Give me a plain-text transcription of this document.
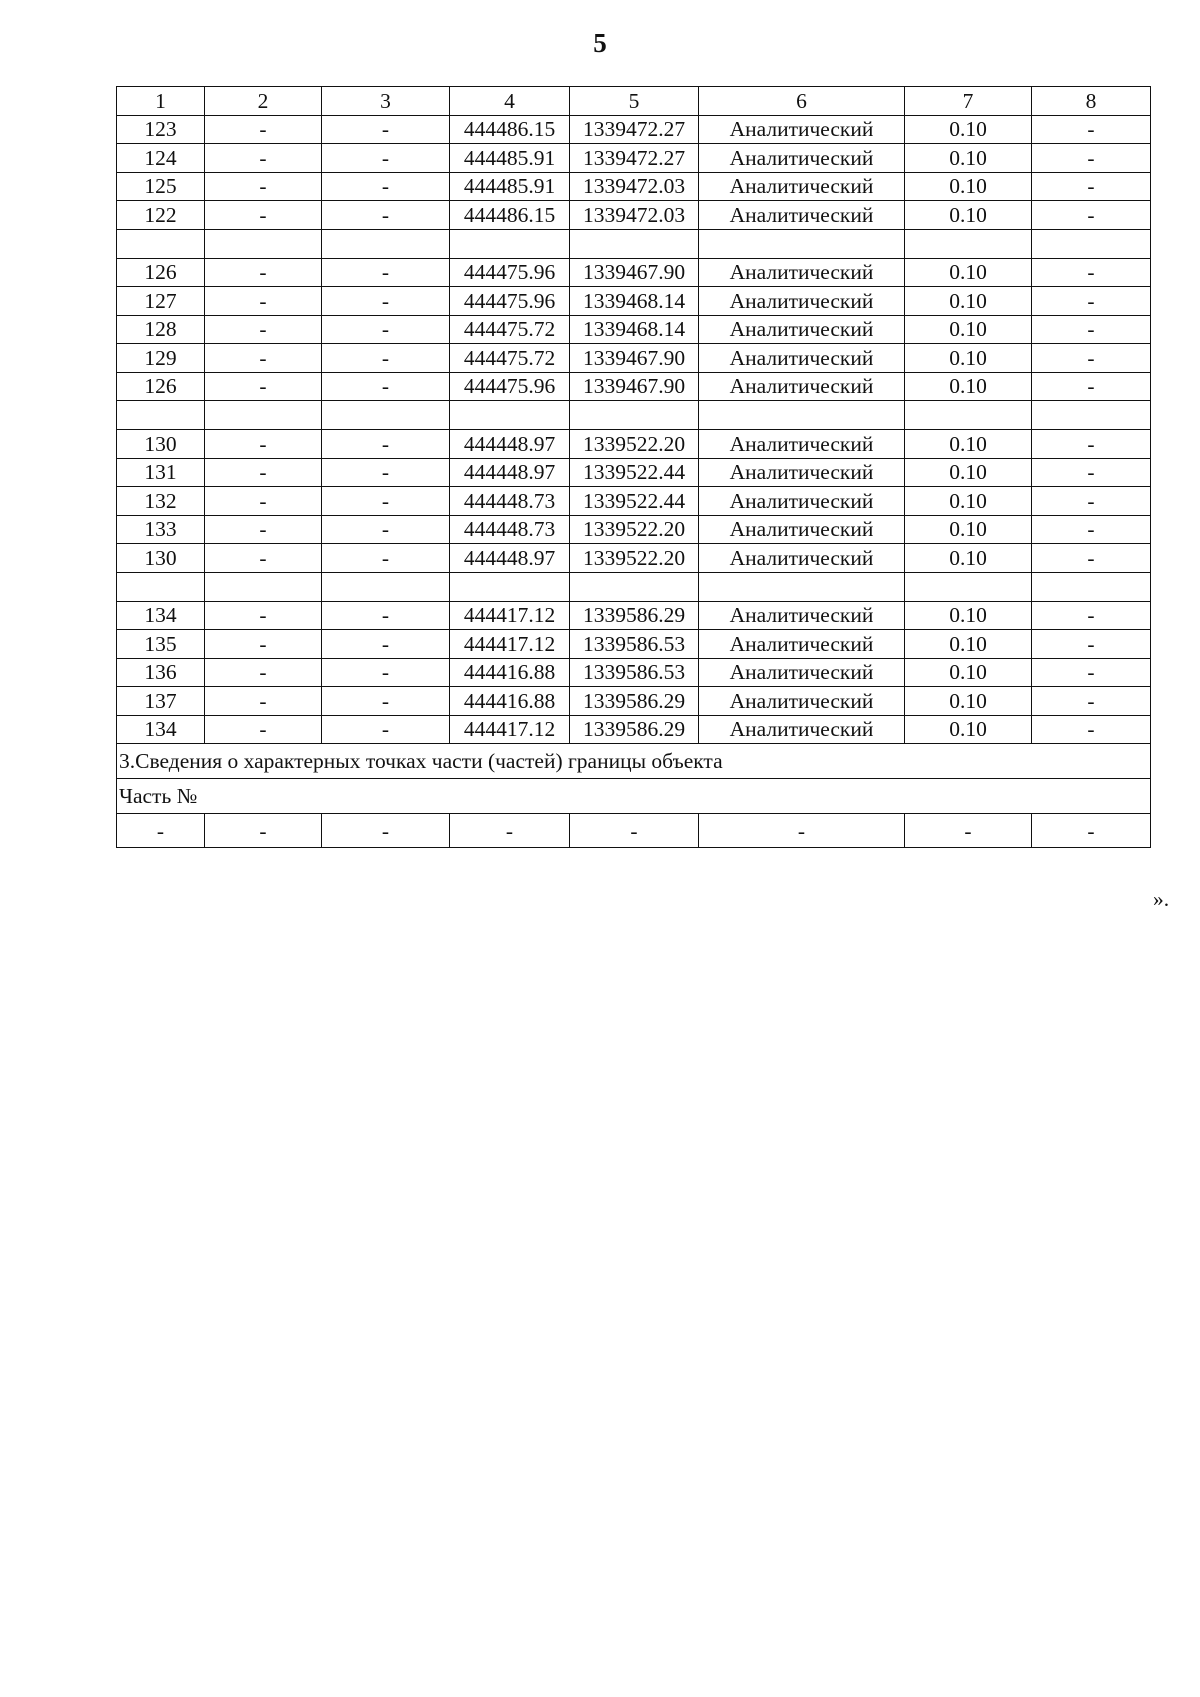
5
1	2	3	4	5	6	7	8
123	-	-	444486.15	1339472.27	Аналитический	0.10	-
124	-	-	444485.91	1339472.27	Аналитический	0.10	-
125	-	-	444485.91	1339472.03	Аналитический	0.10	-
122	-	-	444486.15	1339472.03	Аналитический	0.10	-

126	-	-	444475.96	1339467.90	Аналитический	0.10	-
127	-	-	444475.96	1339468.14	Аналитический	0.10	-
128	-	-	444475.72	1339468.14	Аналитический	0.10	-
129	-	-	444475.72	1339467.90	Аналитический	0.10	-
126	-	-	444475.96	1339467.90	Аналитический	0.10	-

130	-	-	444448.97	1339522.20	Аналитический	0.10	-
131	-	-	444448.97	1339522.44	Аналитический	0.10	-
132	-	-	444448.73	1339522.44	Аналитический	0.10	-
133	-	-	444448.73	1339522.20	Аналитический	0.10	-
130	-	-	444448.97	1339522.20	Аналитический	0.10	-

134	-	-	444417.12	1339586.29	Аналитический	0.10	-
135	-	-	444417.12	1339586.53	Аналитический	0.10	-
136	-	-	444416.88	1339586.53	Аналитический	0.10	-
137	-	-	444416.88	1339586.29	Аналитический	0.10	-
134	-	-	444417.12	1339586.29	Аналитический	0.10	-
3.Сведения о характерных точках части (частей) границы объекта							
Часть №							
-	-	-	-	-	-	-	-
».
